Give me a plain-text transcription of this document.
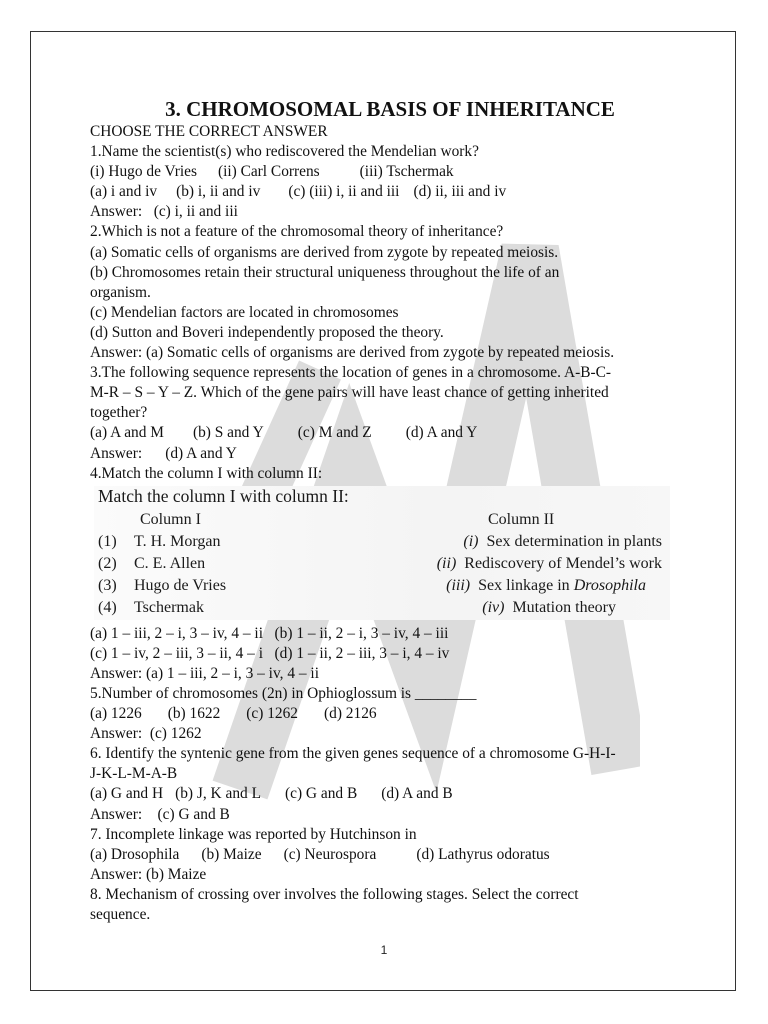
3. CHROMOSOMAL BASIS OF INHERITANCE

CHOOSE THE CORRECT ANSWER

1.Name the scientist(s) who rediscovered the Mendelian work?

(i) Hugo de Vries (ii) Carl Correns	(iii) Tschermak

(a) i and iv (b) i, ii and iv (c) (iii) i, ii and iii (d) ii, iii and iv

Answer:   (c) i, ii and iii

2.Which is not a feature of the chromosomal theory of inheritance?

(a) Somatic cells of organisms are derived from zygote by repeated meiosis.

(b) Chromosomes retain their structural uniqueness throughout the life of an

organism.

(c) Mendelian factors are located in chromosomes

(d) Sutton and Boveri independently proposed the theory.

Answer: (a) Somatic cells of organisms are derived from zygote by repeated meiosis.

3.The following sequence represents the location of genes in a chromosome. A-B-C-

M-R – S – Y – Z. Which of the gene pairs will have least chance of getting inherited

together?

(a) A and M (b) S and Y (c) M and Z (d) A and Y

Answer:      (d) A and Y

4.Match the column I with column II:

Match the column I with column II:
Column I	Column II
(1) T. H. Morgan	(i) Sex determination in plants
(2) C. E. Allen	(ii) Rediscovery of Mendel’s work
(3) Hugo de Vries	(iii) Sex linkage in Drosophila
(4) Tschermak	(iv) Mutation theory

(a) 1 – iii, 2 – i, 3 – iv, 4 – ii   (b) 1 – ii, 2 – i, 3 – iv, 4 – iii

(c) 1 – iv, 2 – iii, 3 – ii, 4 – i   (d) 1 – ii, 2 – iii, 3 – i, 4 – iv

Answer: (a) 1 – iii, 2 – i, 3 – iv, 4 – ii

5.Number of chromosomes (2n) in Ophioglossum is ________

(a) 1226 (b) 1622 (c) 1262 (d) 2126

Answer:  (c) 1262

6. Identify the syntenic gene from the given genes sequence of a chromosome G-H-I-

J-K-L-M-A-B

(a) G and H (b) J, K and L (c) G and B (d) A and B

Answer:    (c) G and B

7. Incomplete linkage was reported by Hutchinson in

(a) Drosophila (b) Maize (c) Neurospora	(d) Lathyrus odoratus

Answer: (b) Maize

8. Mechanism of crossing over involves the following stages. Select the correct

sequence.

1
